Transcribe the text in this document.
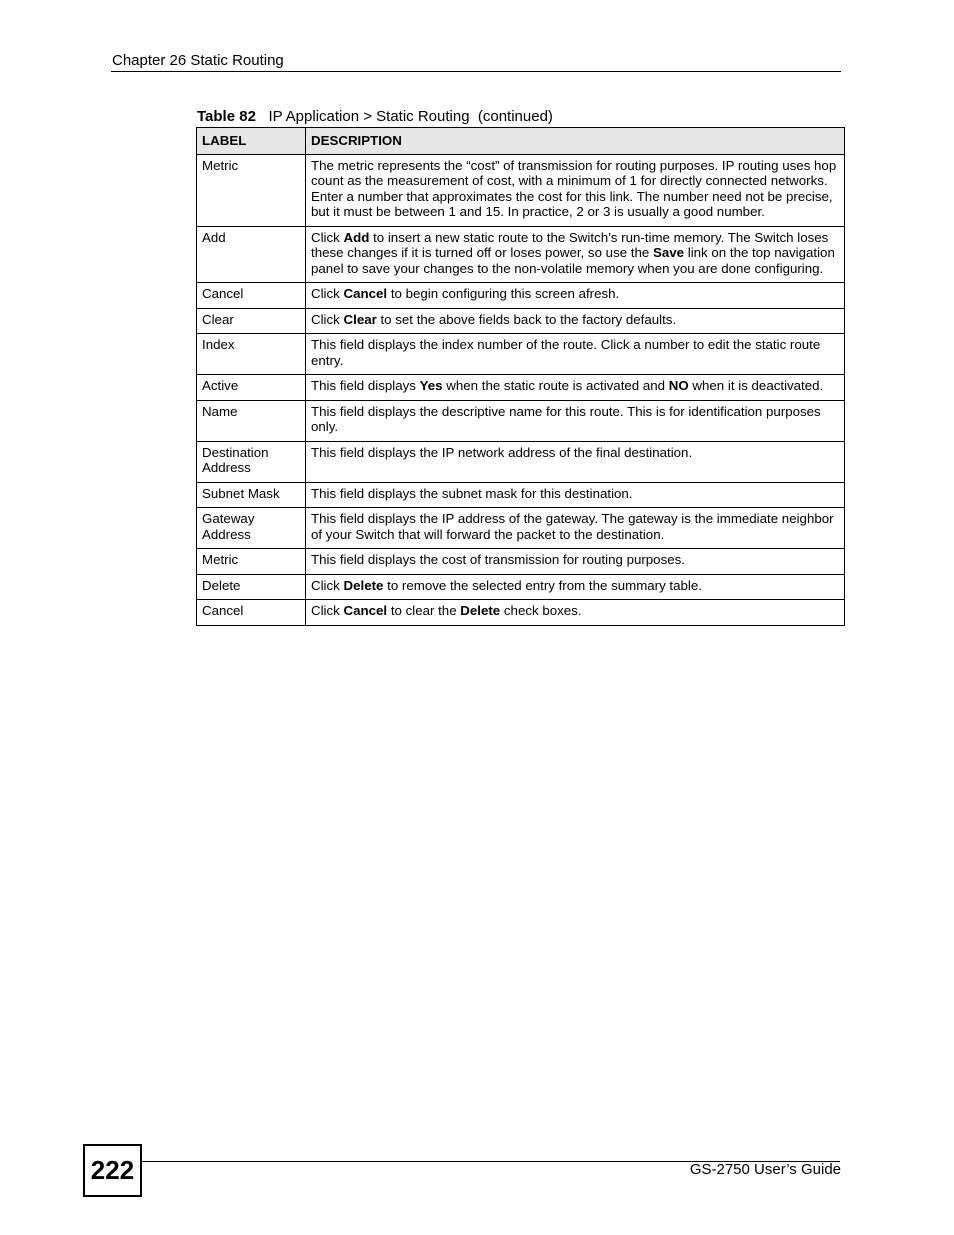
Chapter 26 Static Routing
Table 82 IP Application > Static Routing  (continued)
LABEL	DESCRIPTION
Metric	The metric represents the “cost” of transmission for routing purposes. IP routing uses hop count as the measurement of cost, with a minimum of 1 for directly connected networks. Enter a number that approximates the cost for this link. The number need not be precise, but it must be between 1 and 15. In practice, 2 or 3 is usually a good number.
Add	Click Add to insert a new static route to the Switch’s run-time memory. The Switch loses these changes if it is turned off or loses power, so use the Save link on the top navigation panel to save your changes to the non-volatile memory when you are done configuring.
Cancel	Click Cancel to begin configuring this screen afresh.
Clear	Click Clear to set the above fields back to the factory defaults.
Index	This field displays the index number of the route. Click a number to edit the static route entry.
Active	This field displays Yes when the static route is activated and NO when it is deactivated.
Name	This field displays the descriptive name for this route. This is for identification purposes only.
Destination Address	This field displays the IP network address of the final destination.
Subnet Mask	This field displays the subnet mask for this destination.
Gateway Address	This field displays the IP address of the gateway. The gateway is the immediate neighbor of your Switch that will forward the packet to the destination.
Metric	This field displays the cost of transmission for routing purposes.
Delete	Click Delete to remove the selected entry from the summary table.
Cancel	Click Cancel to clear the Delete check boxes.
222	GS-2750 User’s Guide
